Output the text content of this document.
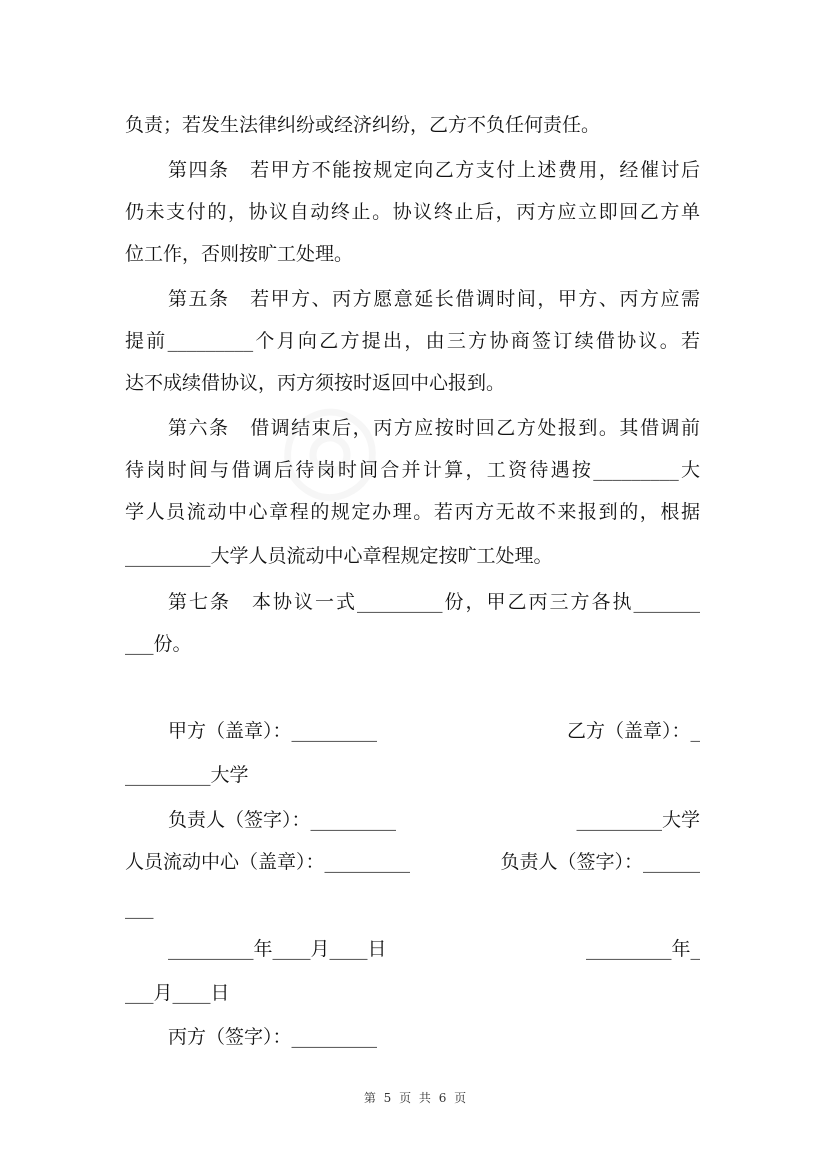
负责；若发生法律纠纷或经济纠纷，乙方不负任何责任。
第四条　若甲方不能按规定向乙方支付上述费用，经催讨后
仍未支付的，协议自动终止。协议终止后，丙方应立即回乙方单
位工作，否则按旷工处理。
第五条　若甲方、丙方愿意延长借调时间，甲方、丙方应需
提前_________个月向乙方提出，由三方协商签订续借协议。若
达不成续借协议，丙方须按时返回中心报到。
第六条　借调结束后，丙方应按时回乙方处报到。其借调前
待岗时间与借调后待岗时间合并计算，工资待遇按_________大
学人员流动中心章程的规定办理。若丙方无故不来报到的，根据
_________大学人员流动中心章程规定按旷工处理。
第七条　本协议一式_________份，甲乙丙三方各执_______
___份。
甲方（盖章）：_________	乙方（盖章）：_
_________大学
负责人（签字）：_________	_________大学
人员流动中心（盖章）：_________	负责人（签字）：______
___
_________年____月____日	_________年_
___月____日
丙方（签字）：_________
第 5 页 共 6 页
